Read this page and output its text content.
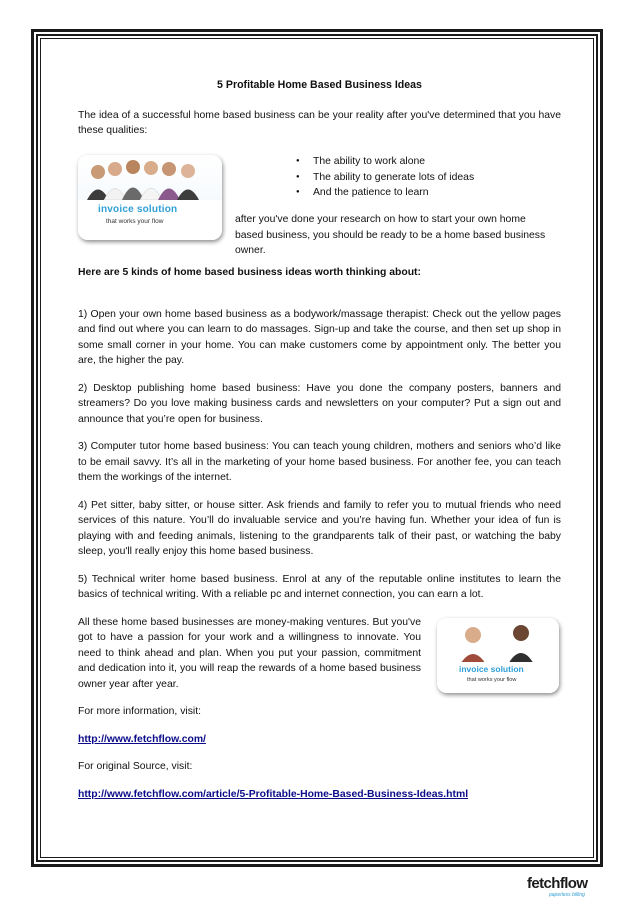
5 Profitable Home Based Business Ideas

The idea of a successful home based business can be your reality after you've determined that you have these qualities:

invoice solution
that works your flow
● The ability to work alone
● The ability to generate lots of ideas
● And the patience to learn

after you've done your research on how to start your own home based business, you should be ready to be a home based business owner.

Here are 5 kinds of home based business ideas worth thinking about:

1) Open your own home based business as a bodywork/massage therapist: Check out the yellow pages and find out where you can learn to do massages. Sign-up and take the course, and then set up shop in some small corner in your home. You can make customers come by appointment only. The better you are, the higher the pay.

2) Desktop publishing home based business: Have you done the company posters, banners and streamers? Do you love making business cards and newsletters on your computer? Put a sign out and announce that you’re open for business.

3) Computer tutor home based business: You can teach young children, mothers and seniors who’d like to be email savvy. It’s all in the marketing of your home based business. For another fee, you can teach them the workings of the internet.

4) Pet sitter, baby sitter, or house sitter. Ask friends and family to refer you to mutual friends who need services of this nature. You’ll do invaluable service and you’re having fun. Whether your idea of fun is playing with and feeding animals, listening to the grandparents talk of their past, or watching the baby sleep, you'll really enjoy this home based business.

5) Technical writer home based business. Enrol at any of the reputable online institutes to learn the basics of technical writing. With a reliable pc and internet connection, you can earn a lot.

All these home based businesses are money-making ventures. But you've got to have a passion for your work and a willingness to innovate. You need to think ahead and plan. When you put your passion, commitment and dedication into it, you will reap the rewards of a home based business owner year after year.

For more information, visit:

http://www.fetchflow.com/

For original Source, visit:

http://www.fetchflow.com/article/5-Profitable-Home-Based-Business-Ideas.html

invoice solution
that works your flow
fetchflow
paperless billing
